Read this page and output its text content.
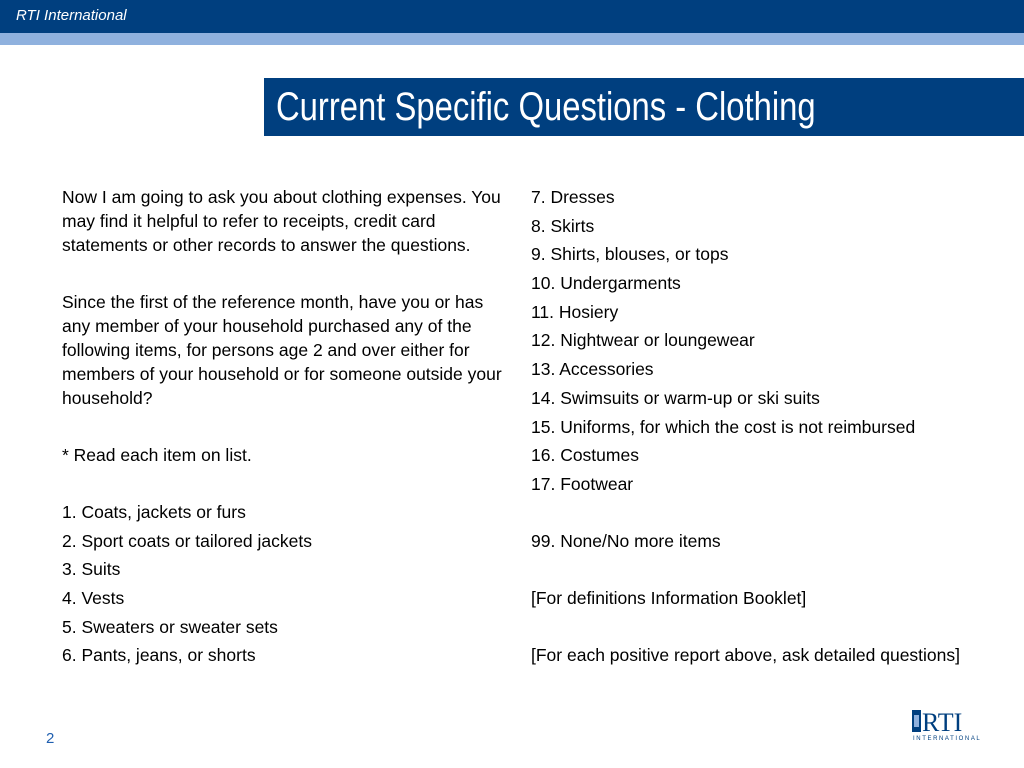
RTI International
Current Specific Questions - Clothing

Now I am going to ask you about clothing expenses. You may find it helpful to refer to receipts, credit card statements or other records to answer the questions.

Since the first of the reference month, have you or has any member of your household purchased any of the following items, for persons age 2 and over either for members of your household or for someone outside your household?

* Read each item on list.

1. Coats, jackets or furs
2. Sport coats or tailored jackets
3. Suits
4. Vests
5. Sweaters or sweater sets
6. Pants, jeans, or shorts
7. Dresses
8. Skirts
9. Shirts, blouses, or tops
10. Undergarments
11. Hosiery
12. Nightwear or loungewear
13. Accessories
14. Swimsuits or warm-up or ski suits
15. Uniforms, for which the cost is not reimbursed
16. Costumes
17. Footwear

99. None/No more items

[For definitions Information Booklet]

[For each positive report above, ask detailed questions]

2
RTI
INTERNATIONAL
